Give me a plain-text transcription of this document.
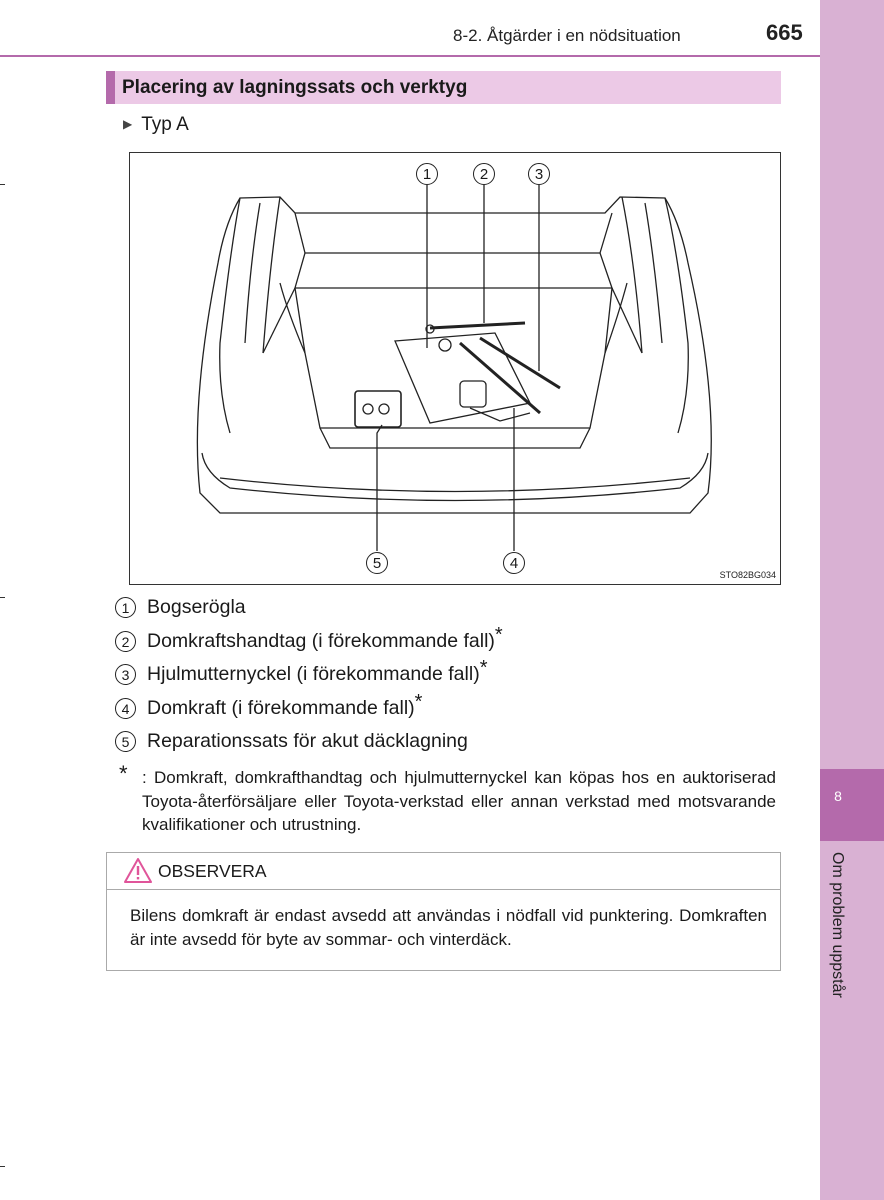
8
Om problem uppstår
8-2. Åtgärder i en nödsituation	665
Placering av lagningssats och verktyg
▶ Typ A
1	2	3
4
5
STO82BG034
1 Bogserögla
2 Domkraftshandtag (i förekommande fall)*
3 Hjulmutternyckel (i förekommande fall)*
4 Domkraft (i förekommande fall)*
5 Reparationssats för akut däcklagning
* : Domkraft, domkrafthandtag och hjulmutternyckel kan köpas hos en auktoriserad Toyota-återförsäljare eller Toyota-verkstad eller annan verkstad med motsvarande kvalifikationer och utrustning.
OBSERVERA
Bilens domkraft är endast avsedd att användas i nödfall vid punktering. Domkraften är inte avsedd för byte av sommar- och vinterdäck.
